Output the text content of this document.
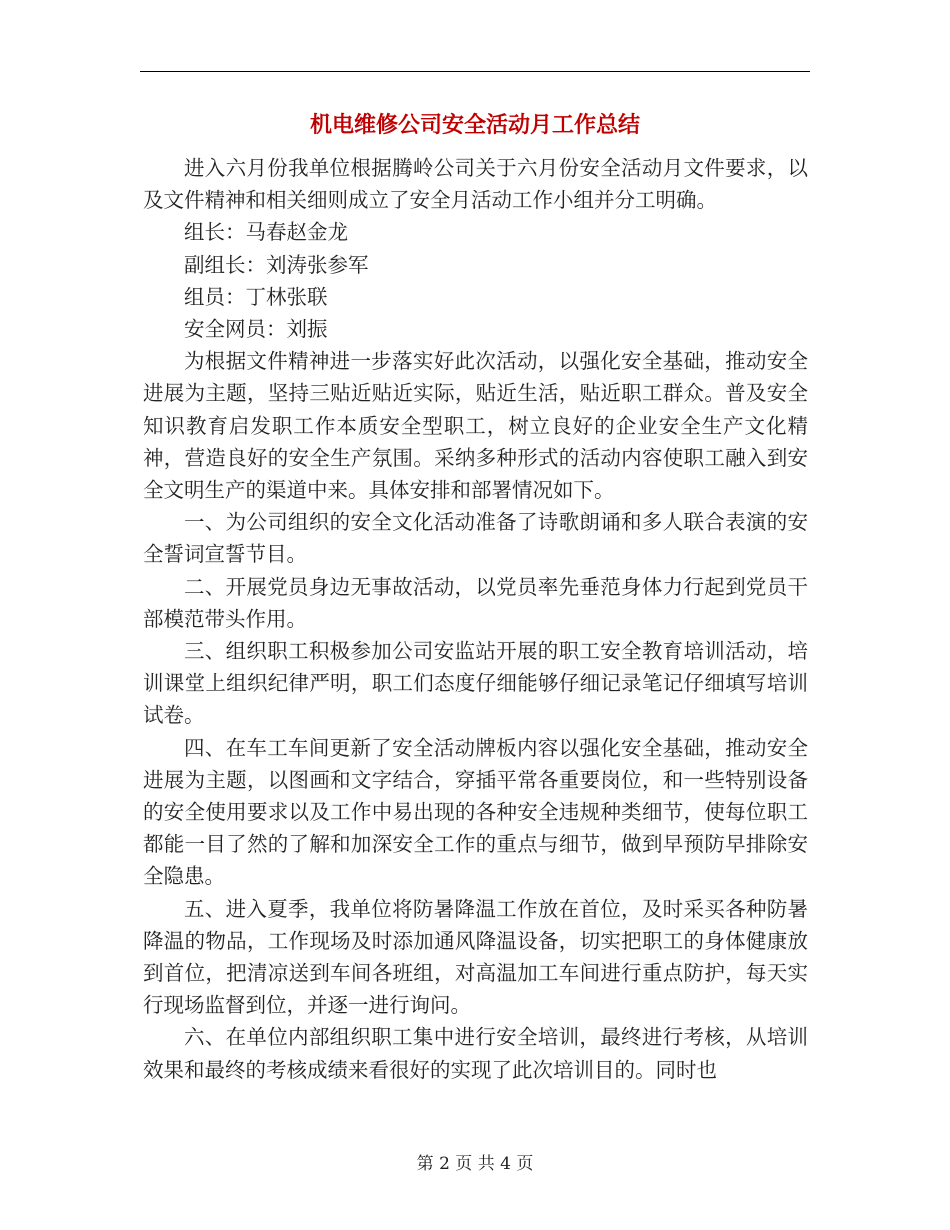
机电维修公司安全活动月工作总结

进入六月份我单位根据腾岭公司关于六月份安全活动月文件要求，以及文件精神和相关细则成立了安全月活动工作小组并分工明确。

组长：马春赵金龙

副组长：刘涛张参军

组员：丁林张联

安全网员：刘振

为根据文件精神进一步落实好此次活动，以强化安全基础，推动安全进展为主题，坚持三贴近贴近实际，贴近生活，贴近职工群众。普及安全知识教育启发职工作本质安全型职工，树立良好的企业安全生产文化精神，营造良好的安全生产氛围。采纳多种形式的活动内容使职工融入到安全文明生产的渠道中来。具体安排和部署情况如下。

一、为公司组织的安全文化活动准备了诗歌朗诵和多人联合表演的安全誓词宣誓节目。

二、开展党员身边无事故活动，以党员率先垂范身体力行起到党员干部模范带头作用。

三、组织职工积极参加公司安监站开展的职工安全教育培训活动，培训课堂上组织纪律严明，职工们态度仔细能够仔细记录笔记仔细填写培训试卷。

四、在车工车间更新了安全活动牌板内容以强化安全基础，推动安全进展为主题，以图画和文字结合，穿插平常各重要岗位，和一些特别设备的安全使用要求以及工作中易出现的各种安全违规种类细节，使每位职工都能一目了然的了解和加深安全工作的重点与细节，做到早预防早排除安全隐患。

五、进入夏季，我单位将防暑降温工作放在首位，及时采买各种防暑降温的物品，工作现场及时添加通风降温设备，切实把职工的身体健康放到首位，把清凉送到车间各班组，对高温加工车间进行重点防护，每天实行现场监督到位，并逐一进行询问。

六、在单位内部组织职工集中进行安全培训，最终进行考核，从培训效果和最终的考核成绩来看很好的实现了此次培训目的。同时也

第 2 页 共 4 页
